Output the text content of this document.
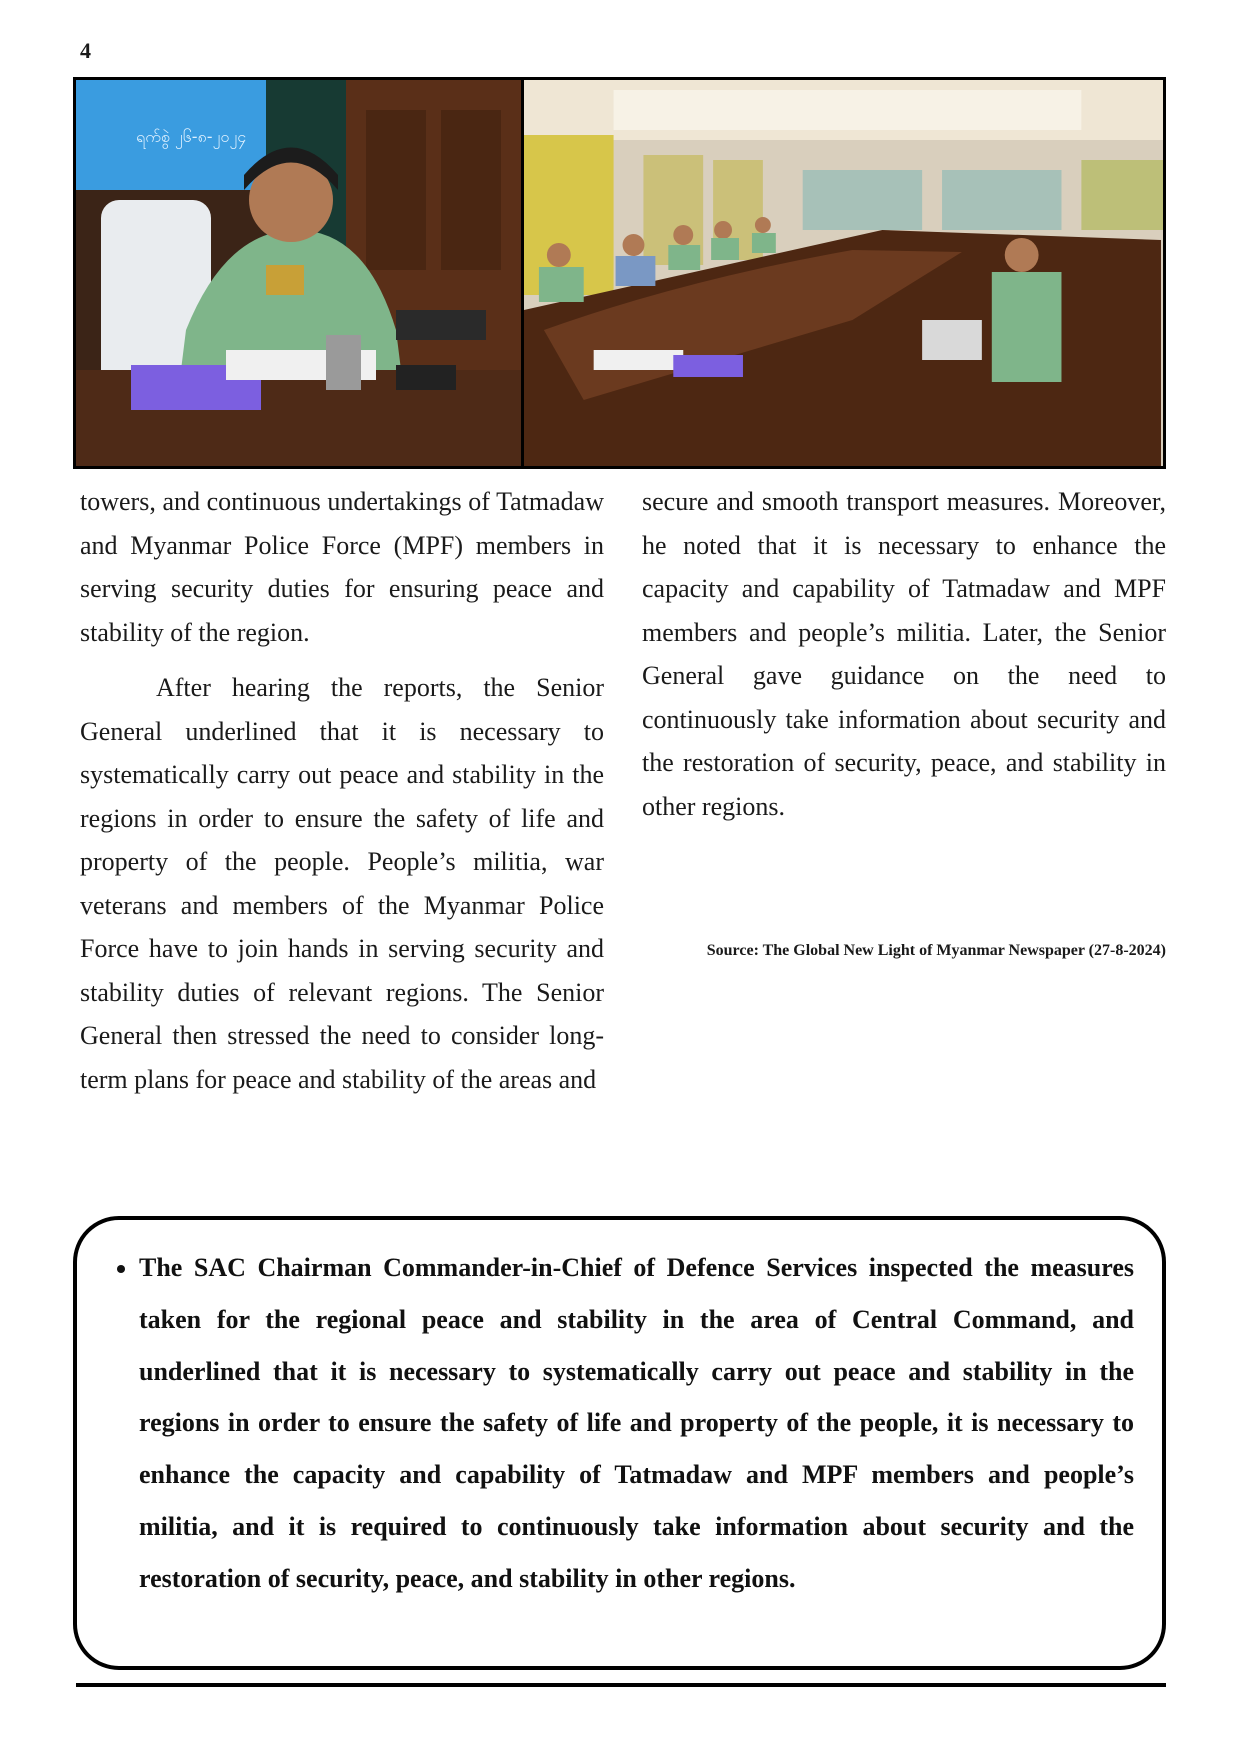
4
ရက်စွဲ ၂၆-၈-၂၀၂၄

towers, and continuous undertakings of Tatmadaw and Myanmar Police Force (MPF) members in serving security duties for ensuring peace and stability of the region.

After hearing the reports, the Senior General underlined that it is necessary to systematically carry out peace and stability in the regions in order to ensure the safety of life and property of the people. People’s militia, war veterans and members of the Myanmar Police Force have to join hands in serving security and stability duties of relevant regions. The Senior General then stressed the need to consider long-term plans for peace and stability of the areas and

secure and smooth transport measures. Moreover, he noted that it is necessary to enhance the capacity and capability of Tatmadaw and MPF members and people’s militia. Later, the Senior General gave guidance on the need to continuously take information about security and the restoration of security, peace, and stability in other regions.

Source: The Global New Light of Myanmar Newspaper (27-8-2024)
• The SAC Chairman Commander-in-Chief of Defence Services inspected the measures taken for the regional peace and stability in the area of Central Command, and underlined that it is necessary to systematically carry out peace and stability in the regions in order to ensure the safety of life and property of the people, it is necessary to enhance the capacity and capability of Tatmadaw and MPF members and people’s militia, and it is required to continuously take information about security and the restoration of security, peace, and stability in other regions.
